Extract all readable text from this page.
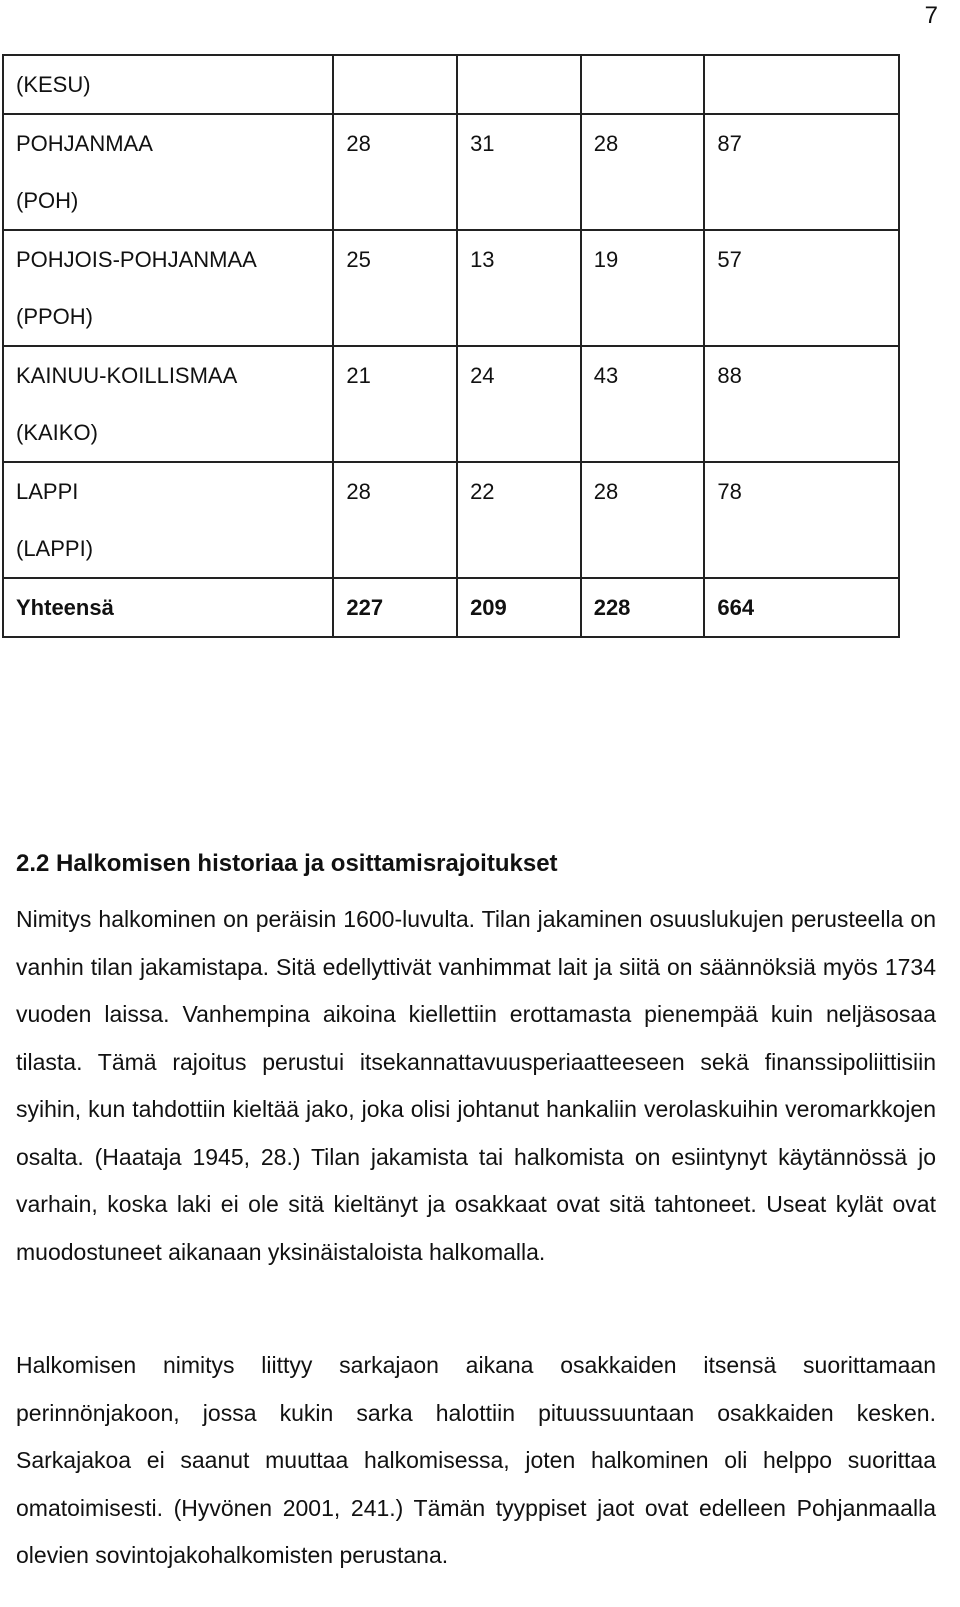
7
(KESU)				

POHJANMAA
(POH)	28	31	28	87

POHJOIS-POHJANMAA
(PPOH)	25	13	19	57

KAINUU-KOILLISMAA
(KAIKO)	21	24	43	88

LAPPI
(LAPPI)	28	22	28	78

Yhteensä	227	209	228	664
2.2 Halkomisen historiaa ja osittamisrajoitukset

Nimitys halkominen on peräisin 1600-luvulta. Tilan jakaminen osuuslukujen perusteella on vanhin tilan jakamistapa. Sitä edellyttivät vanhimmat lait ja siitä on säännöksiä myös 1734 vuoden laissa. Vanhempina aikoina kiellettiin erottamasta pienempää kuin neljäsosaa tilasta. Tämä rajoitus perustui itsekannattavuusperiaatteeseen sekä finanssipoliittisiin syihin, kun tahdottiin kieltää jako, joka olisi johtanut hankaliin verolaskuihin veromarkkojen osalta. (Haataja 1945, 28.) Tilan jakamista tai halkomista on esiintynyt käytännössä jo varhain, koska laki ei ole sitä kieltänyt ja osakkaat ovat sitä tahtoneet. Useat kylät ovat muodostuneet aikanaan yksinäistaloista halkomalla.

Halkomisen nimitys liittyy sarkajaon aikana osakkaiden itsensä suorittamaan perinnönjakoon, jossa kukin sarka halottiin pituussuuntaan osakkaiden kesken. Sarkajakoa ei saanut muuttaa halkomisessa, joten halkominen oli helppo suorittaa omatoimisesti. (Hyvönen 2001, 241.) Tämän tyyppiset jaot ovat edelleen Pohjanmaalla olevien sovintojakohalkomisten perustana.
